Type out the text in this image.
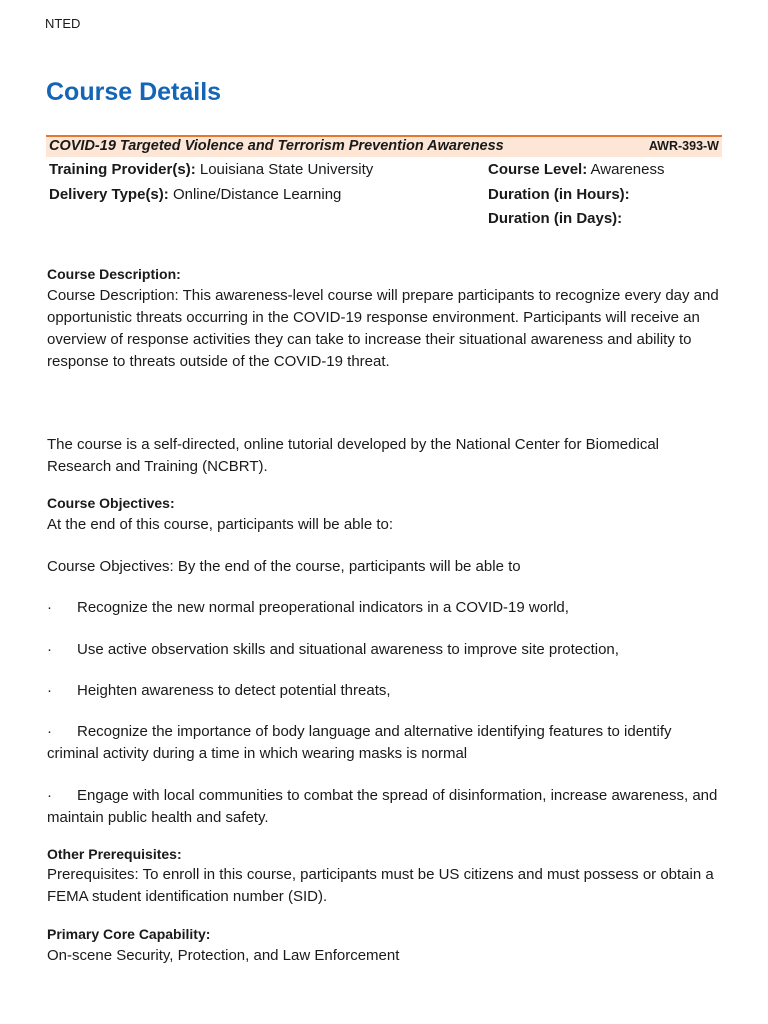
NTED
Course Details
COVID-19 Targeted Violence and Terrorism Prevention Awareness	AWR-393-W
Training Provider(s): Louisiana State University
Delivery Type(s): Online/Distance Learning
Course Level: Awareness
Duration (in Hours):
Duration (in Days):
Course Description:
Course Description: This awareness-level course will prepare participants to recognize every day and opportunistic threats occurring in the COVID-19 response environment. Participants will receive an overview of response activities they can take to increase their situational awareness and ability to response to threats outside of the COVID-19 threat.
The course is a self-directed, online tutorial developed by the National Center for Biomedical Research and Training (NCBRT).
Course Objectives:
At the end of this course, participants will be able to:
Course Objectives: By the end of the course, participants will be able to
· Recognize the new normal preoperational indicators in a COVID-19 world,
· Use active observation skills and situational awareness to improve site protection,
· Heighten awareness to detect potential threats,
· Recognize the importance of body language and alternative identifying features to identify criminal activity during a time in which wearing masks is normal
· Engage with local communities to combat the spread of disinformation, increase awareness, and maintain public health and safety.
Other Prerequisites:
Prerequisites: To enroll in this course, participants must be US citizens and must possess or obtain a FEMA student identification number (SID).
Primary Core Capability:
On-scene Security, Protection, and Law Enforcement
